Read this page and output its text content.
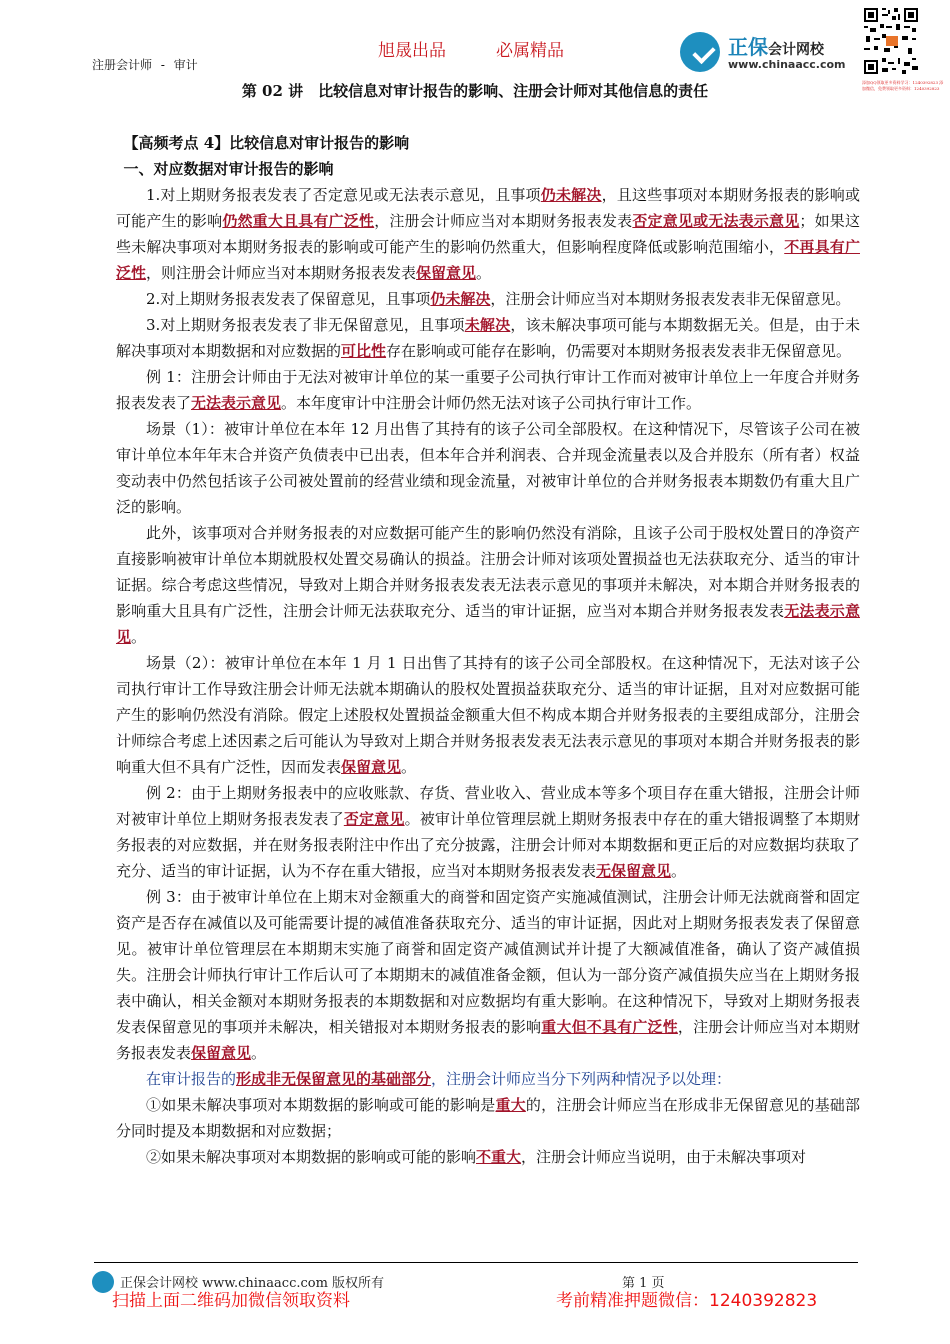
旭晟出品	必属精品
注册会计师 - 审计
正保会计网校
www.chinaacc.com
添加QQ领取更多资料学习：1240392823 添加微信，免费领取更多资料：1240392823
第 02 讲　比较信息对审计报告的影响、注册会计师对其他信息的责任

【高频考点 4】比较信息对审计报告的影响

一、对应数据对审计报告的影响

1.对上期财务报表发表了否定意见或无法表示意见，且事项仍未解决，且这些事项对本期财务报表的影响或可能产生的影响仍然重大且具有广泛性，注册会计师应当对本期财务报表发表否定意见或无法表示意见；如果这些未解决事项对本期财务报表的影响或可能产生的影响仍然重大，但影响程度降低或影响范围缩小，不再具有广泛性，则注册会计师应当对本期财务报表发表保留意见。

2.对上期财务报表发表了保留意见，且事项仍未解决，注册会计师应当对本期财务报表发表非无保留意见。

3.对上期财务报表发表了非无保留意见，且事项未解决，该未解决事项可能与本期数据无关。但是，由于未解决事项对本期数据和对应数据的可比性存在影响或可能存在影响，仍需要对本期财务报表发表非无保留意见。

例 1：注册会计师由于无法对被审计单位的某一重要子公司执行审计工作而对被审计单位上一年度合并财务报表发表了无法表示意见。本年度审计中注册会计师仍然无法对该子公司执行审计工作。

场景（1）：被审计单位在本年 12 月出售了其持有的该子公司全部股权。在这种情况下，尽管该子公司在被审计单位本年年末合并资产负债表中已出表，但本年合并利润表、合并现金流量表以及合并股东（所有者）权益变动表中仍然包括该子公司被处置前的经营业绩和现金流量，对被审计单位的合并财务报表本期数仍有重大且广泛的影响。

此外，该事项对合并财务报表的对应数据可能产生的影响仍然没有消除，且该子公司于股权处置日的净资产直接影响被审计单位本期就股权处置交易确认的损益。注册会计师对该项处置损益也无法获取充分、适当的审计证据。综合考虑这些情况，导致对上期合并财务报表发表无法表示意见的事项并未解决，对本期合并财务报表的影响重大且具有广泛性，注册会计师无法获取充分、适当的审计证据，应当对本期合并财务报表发表无法表示意见。

场景（2）：被审计单位在本年 1 月 1 日出售了其持有的该子公司全部股权。在这种情况下，无法对该子公司执行审计工作导致注册会计师无法就本期确认的股权处置损益获取充分、适当的审计证据，且对对应数据可能产生的影响仍然没有消除。假定上述股权处置损益金额重大但不构成本期合并财务报表的主要组成部分，注册会计师综合考虑上述因素之后可能认为导致对上期合并财务报表发表无法表示意见的事项对本期合并财务报表的影响重大但不具有广泛性，因而发表保留意见。

例 2：由于上期财务报表中的应收账款、存货、营业收入、营业成本等多个项目存在重大错报，注册会计师对被审计单位上期财务报表发表了否定意见。被审计单位管理层就上期财务报表中存在的重大错报调整了本期财务报表的对应数据，并在财务报表附注中作出了充分披露，注册会计师对本期数据和更正后的对应数据均获取了充分、适当的审计证据，认为不存在重大错报，应当对本期财务报表发表无保留意见。

例 3：由于被审计单位在上期末对金额重大的商誉和固定资产实施减值测试，注册会计师无法就商誉和固定资产是否存在减值以及可能需要计提的减值准备获取充分、适当的审计证据，因此对上期财务报表发表了保留意见。被审计单位管理层在本期期末实施了商誉和固定资产减值测试并计提了大额减值准备，确认了资产减值损失。注册会计师执行审计工作后认可了本期期末的减值准备金额，但认为一部分资产减值损失应当在上期财务报表中确认，相关金额对本期财务报表的本期数据和对应数据均有重大影响。在这种情况下，导致对上期财务报表发表保留意见的事项并未解决，相关错报对本期财务报表的影响重大但不具有广泛性，注册会计师应当对本期财务报表发表保留意见。

在审计报告的形成非无保留意见的基础部分，注册会计师应当分下列两种情况予以处理：

①如果未解决事项对本期数据的影响或可能的影响是重大的，注册会计师应当在形成非无保留意见的基础部分同时提及本期数据和对应数据；

②如果未解决事项对本期数据的影响或可能的影响不重大，注册会计师应当说明，由于未解决事项对

正保会计网校 www.chinaacc.com 版权所有	第 1 页
扫描上面二维码加微信领取资料	考前精准押题微信：1240392823
